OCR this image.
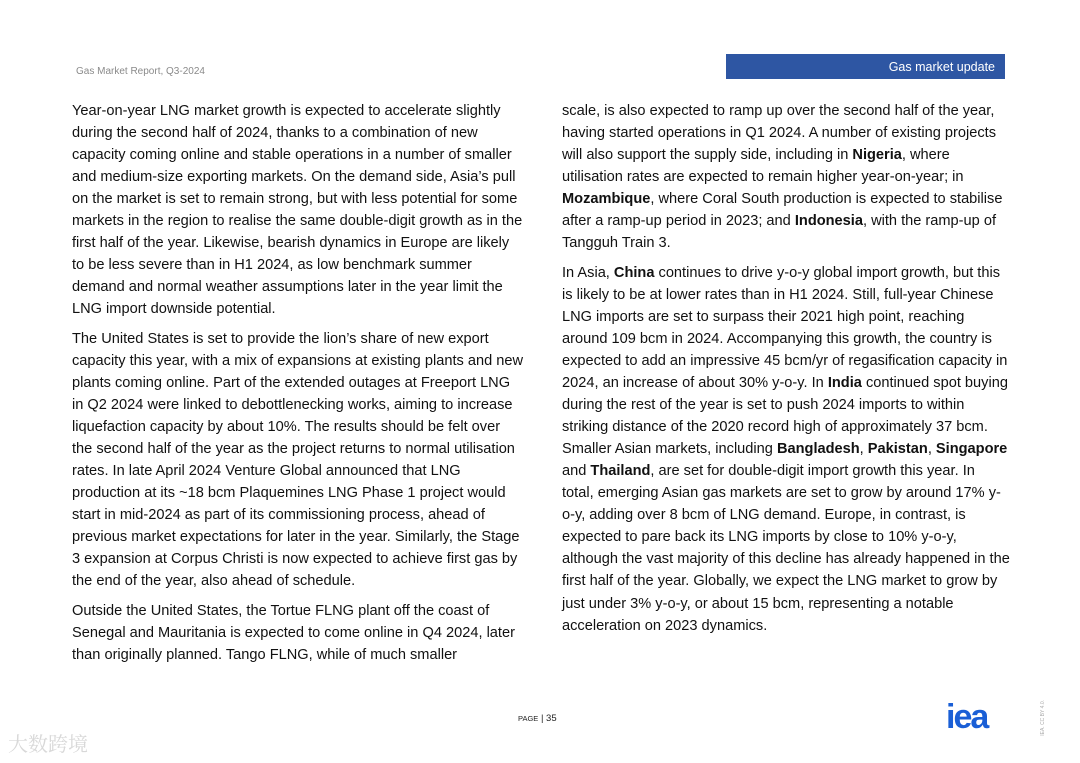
Gas Market Report, Q3-2024	Gas market update

Year-on-year LNG market growth is expected to accelerate slightly during the second half of 2024, thanks to a combination of new capacity coming online and stable operations in a number of smaller and medium-size exporting markets. On the demand side, Asia’s pull on the market is set to remain strong, but with less potential for some markets in the region to realise the same double-digit growth as in the first half of the year. Likewise, bearish dynamics in Europe are likely to be less severe than in H1 2024, as low benchmark summer demand and normal weather assumptions later in the year limit the LNG import downside potential.

The United States is set to provide the lion’s share of new export capacity this year, with a mix of expansions at existing plants and new plants coming online. Part of the extended outages at Freeport LNG in Q2 2024 were linked to debottlenecking works, aiming to increase liquefaction capacity by about 10%. The results should be felt over the second half of the year as the project returns to normal utilisation rates. In late April 2024 Venture Global announced that LNG production at its ~18 bcm Plaquemines LNG Phase 1 project would start in mid-2024 as part of its commissioning process, ahead of previous market expectations for later in the year. Similarly, the Stage 3 expansion at Corpus Christi is now expected to achieve first gas by the end of the year, also ahead of schedule.

Outside the United States, the Tortue FLNG plant off the coast of Senegal and Mauritania is expected to come online in Q4 2024, later than originally planned. Tango FLNG, while of much smaller

scale, is also expected to ramp up over the second half of the year, having started operations in Q1 2024. A number of existing projects will also support the supply side, including in Nigeria, where utilisation rates are expected to remain higher year-on-year; in Mozambique, where Coral South production is expected to stabilise after a ramp-up period in 2023; and Indonesia, with the ramp-up of Tangguh Train 3.

In Asia, China continues to drive y-o-y global import growth, but this is likely to be at lower rates than in H1 2024. Still, full-year Chinese LNG imports are set to surpass their 2021 high point, reaching around 109 bcm in 2024. Accompanying this growth, the country is expected to add an impressive 45 bcm/yr of regasification capacity in 2024, an increase of about 30% y-o-y. In India continued spot buying during the rest of the year is set to push 2024 imports to within striking distance of the 2020 record high of approximately 37 bcm. Smaller Asian markets, including Bangladesh, Pakistan, Singapore and Thailand, are set for double-digit import growth this year. In total, emerging Asian gas markets are set to grow by around 17% y-o-y, adding over 8 bcm of LNG demand. Europe, in contrast, is expected to pare back its LNG imports by close to 10% y-o-y, although the vast majority of this decline has already happened in the first half of the year. Globally, we expect the LNG market to grow by just under 3% y-o-y, or about 15 bcm, representing a notable acceleration on 2023 dynamics.

PAGE | 35	iea	IEA. CC BY 4.0.
大数跨境
